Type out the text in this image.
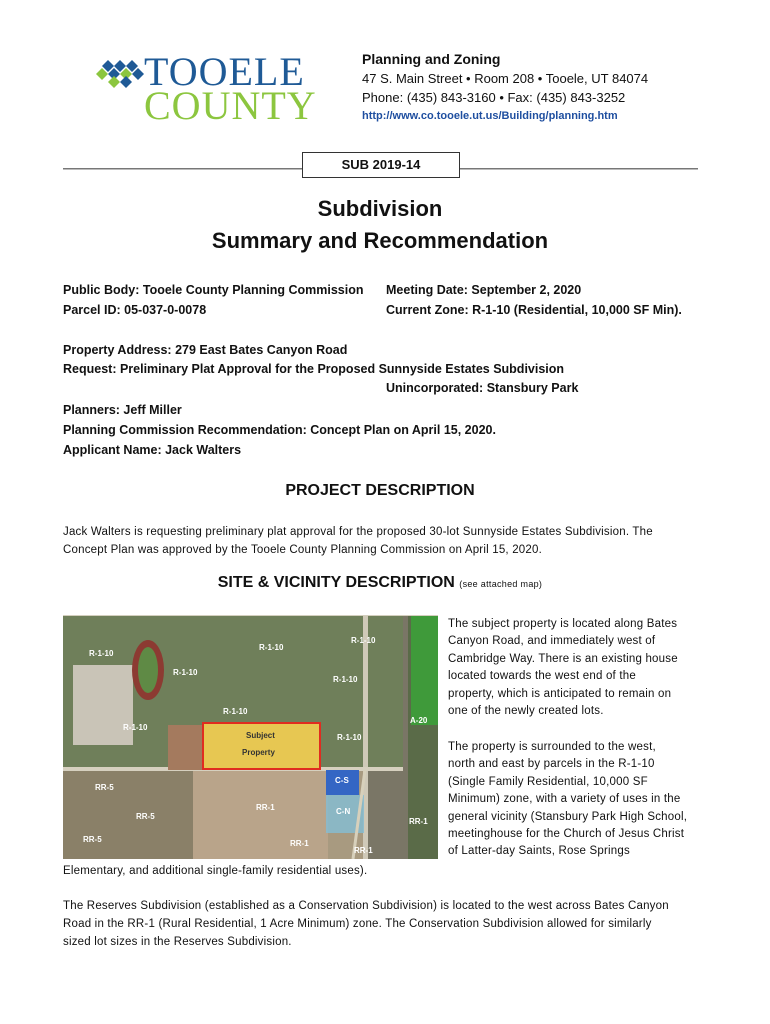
TOOELE
COUNTY
Planning and Zoning
47 S. Main Street • Room 208 • Tooele, UT 84074
Phone: (435) 843-3160 • Fax: (435) 843-3252
http://www.co.tooele.ut.us/Building/planning.htm
SUB 2019-14
Subdivision
Summary and Recommendation
Public Body: Tooele County Planning Commission
Parcel ID: 05-037-0-0078
Meeting Date: September 2, 2020
Current Zone: R-1-10 (Residential, 10,000 SF Min).
Property Address: 279 East Bates Canyon Road
Request: Preliminary Plat Approval for the Proposed Sunnyside Estates Subdivision
Unincorporated: Stansbury Park
Planners: Jeff Miller
Planning Commission Recommendation: Concept Plan on April 15, 2020.
Applicant Name: Jack Walters
PROJECT DESCRIPTION
Jack Walters is requesting preliminary plat approval for the proposed 30-lot Sunnyside Estates Subdivision. The
Concept Plan was approved by the Tooele County Planning Commission on April 15, 2020.
SITE & VICINITY DESCRIPTION (see attached map)
R-1-10
R-1-10
R-1-10
R-1-10
R-1-10
R-1-10
R-1-10
R-1-10
A-20
Subject
Property
RR-5
RR-5
RR-5
RR-1
RR-1
RR-1
RR-1
C-S
C-N
The subject property is located along Bates
Canyon Road, and immediately west of
Cambridge Way. There is an existing house
located towards the west end of the
property, which is anticipated to remain on
one of the newly created lots.
The property is surrounded to the west,
north and east by parcels in the R-1-10
(Single Family Residential, 10,000 SF
Minimum) zone, with a variety of uses in the
general vicinity (Stansbury Park High School,
meetinghouse for the Church of Jesus Christ
of Latter-day Saints, Rose Springs
Elementary, and additional single-family residential uses).
The Reserves Subdivision (established as a Conservation Subdivision) is located to the west across Bates Canyon
Road in the RR-1 (Rural Residential, 1 Acre Minimum) zone. The Conservation Subdivision allowed for similarly
sized lot sizes in the Reserves Subdivision.
